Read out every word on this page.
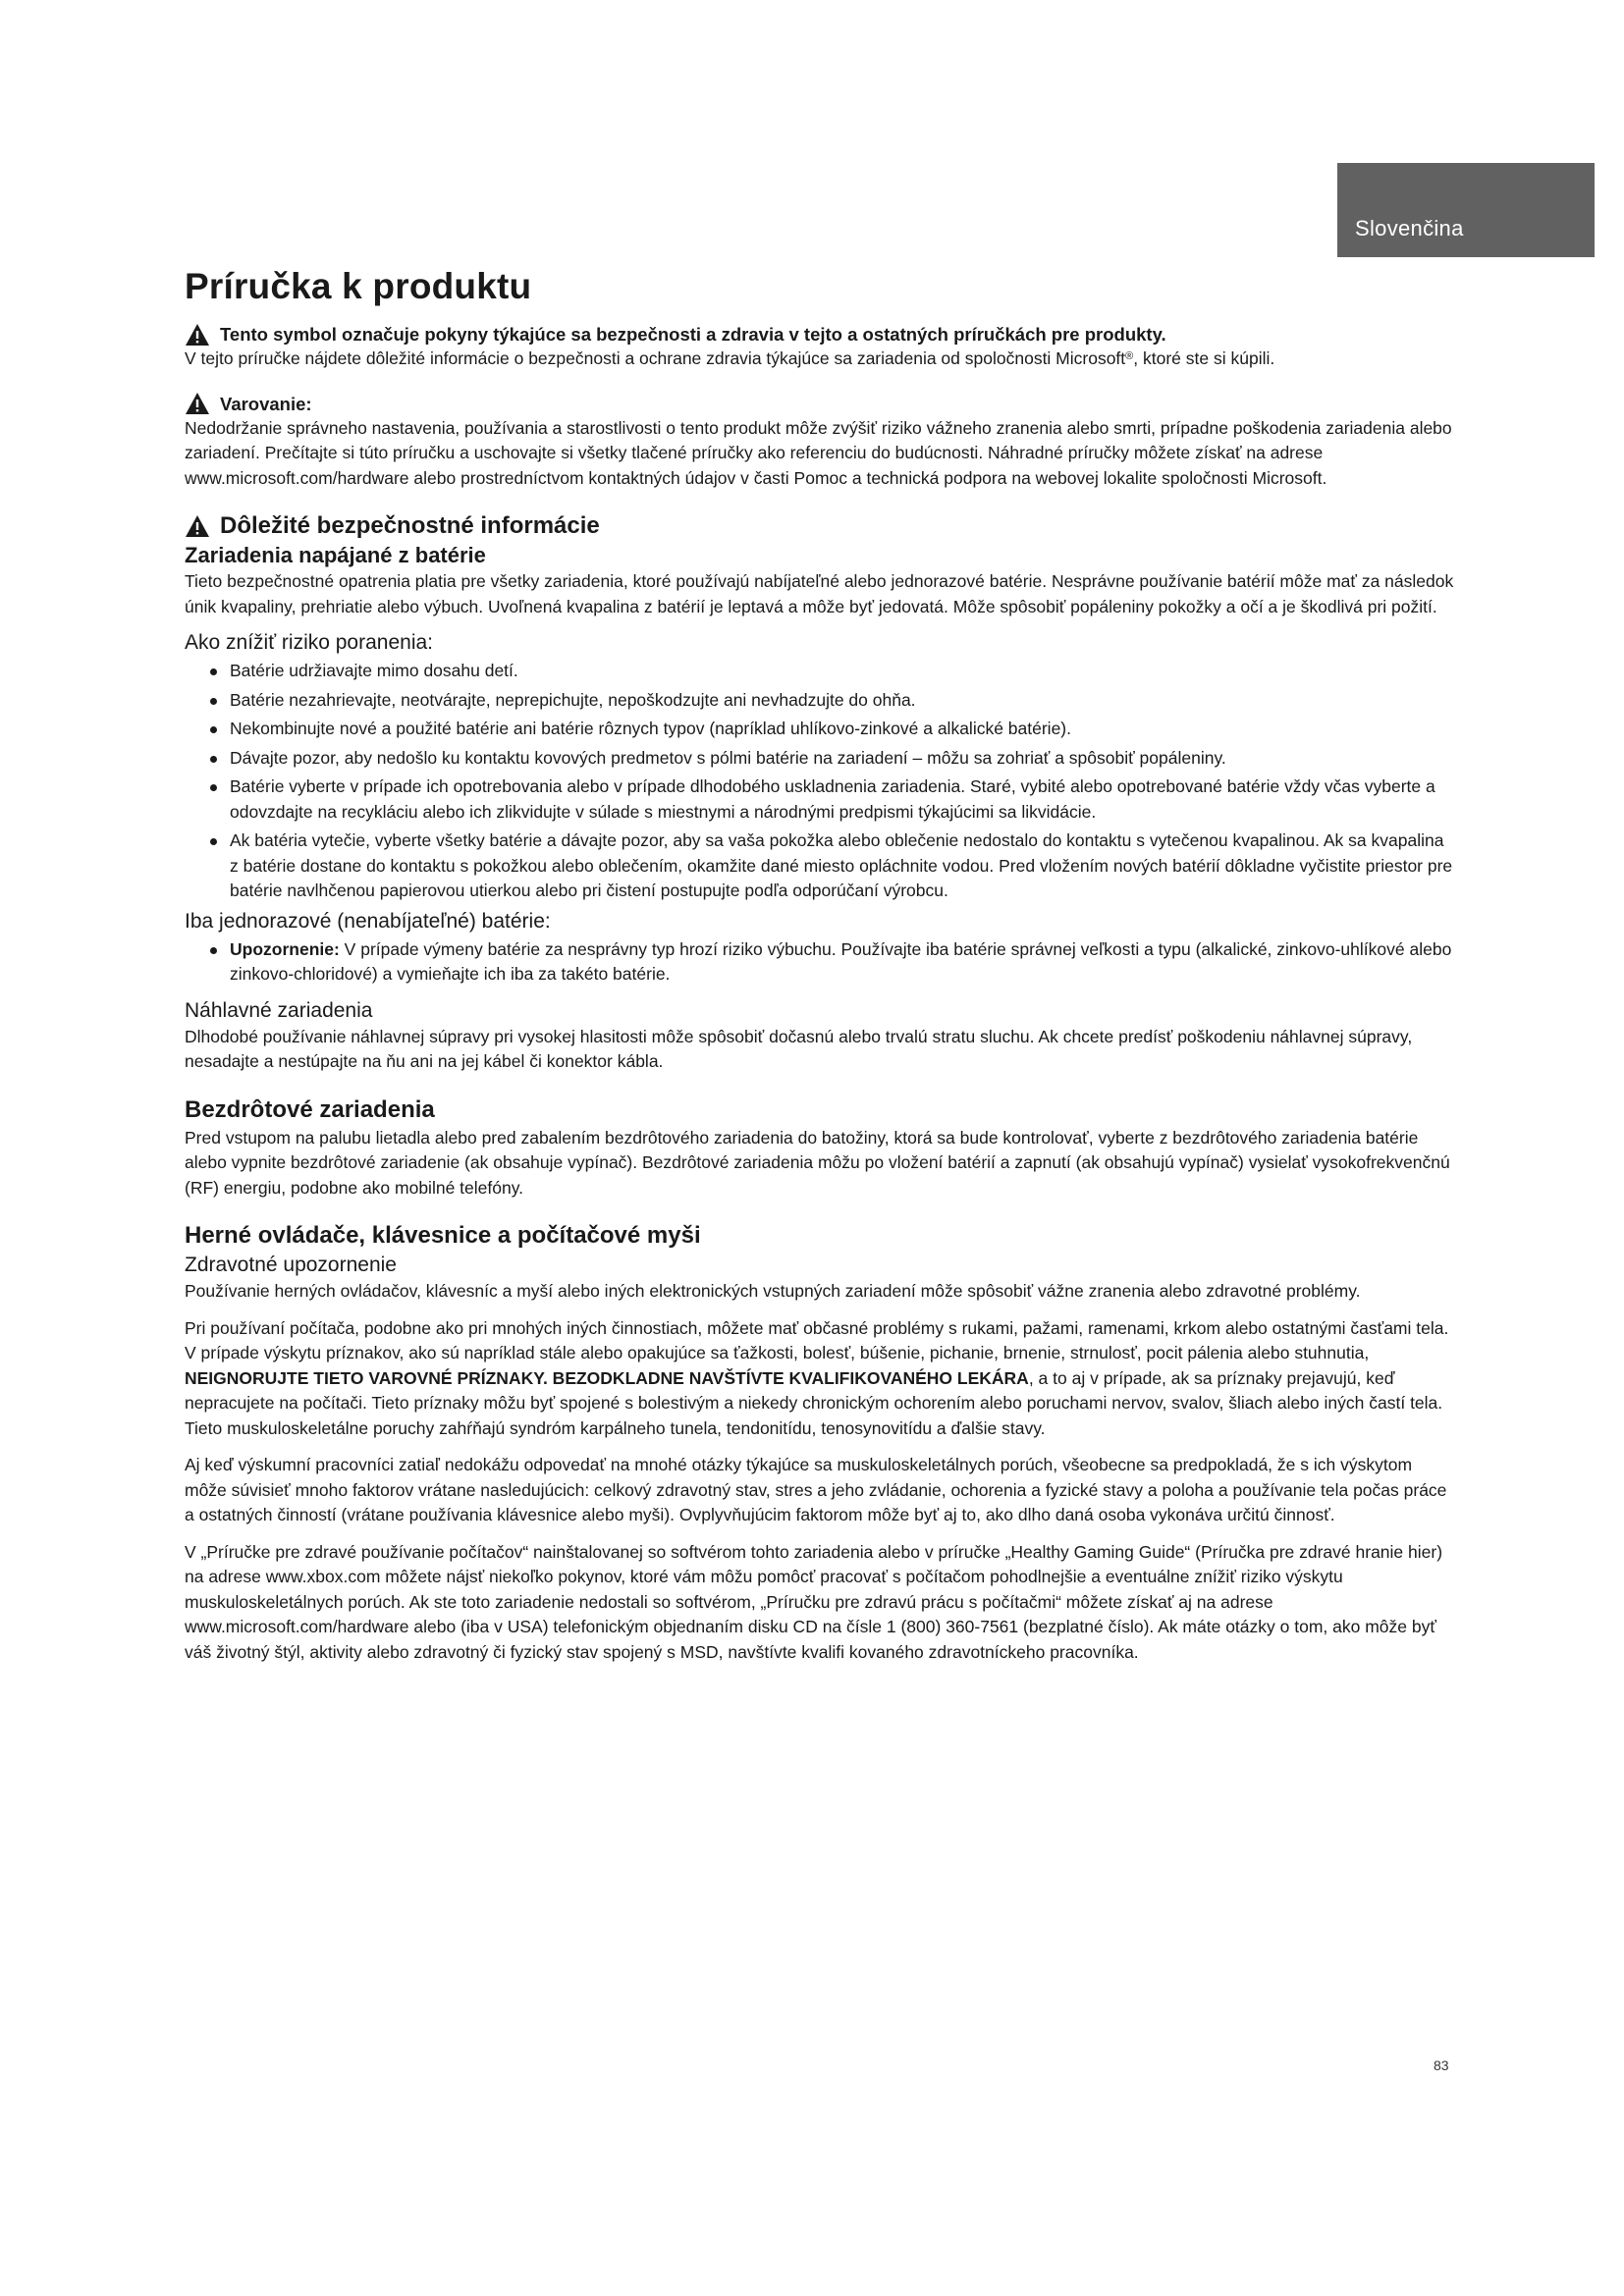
Slovenčina
Príručka k produktu
Tento symbol označuje pokyny týkajúce sa bezpečnosti a zdravia v tejto a ostatných príručkách pre produkty.

V tejto príručke nájdete dôležité informácie o bezpečnosti a ochrane zdravia týkajúce sa zariadenia od spoločnosti Microsoft®, ktoré ste si kúpili.

Varovanie:

Nedodržanie správneho nastavenia, používania a starostlivosti o tento produkt môže zvýšiť riziko vážneho zranenia alebo smrti, prípadne poškodenia zariadenia alebo zariadení. Prečítajte si túto príručku a uschovajte si všetky tlačené príručky ako referenciu do budúcnosti. Náhradné príručky môžete získať na adrese www.microsoft.com/hardware alebo prostredníctvom kontaktných údajov v časti Pomoc a technická podpora na webovej lokalite spoločnosti Microsoft.

Dôležité bezpečnostné informácie
Zariadenia napájané z batérie

Tieto bezpečnostné opatrenia platia pre všetky zariadenia, ktoré používajú nabíjateľné alebo jednorazové batérie. Nesprávne používanie batérií môže mať za následok únik kvapaliny, prehriatie alebo výbuch. Uvoľnená kvapalina z batérií je leptavá a môže byť jedovatá. Môže spôsobiť popáleniny pokožky a očí a je škodlivá pri požití.

Ako znížiť riziko poranenia:
Batérie udržiavajte mimo dosahu detí.
Batérie nezahrievajte, neotvárajte, neprepichujte, nepoškodzujte ani nevhadzujte do ohňa.
Nekombinujte nové a použité batérie ani batérie rôznych typov (napríklad uhlíkovo-zinkové a alkalické batérie).
Dávajte pozor, aby nedošlo ku kontaktu kovových predmetov s pólmi batérie na zariadení – môžu sa zohriať a spôsobiť popáleniny.
Batérie vyberte v prípade ich opotrebovania alebo v prípade dlhodobého uskladnenia zariadenia. Staré, vybité alebo opotrebované batérie vždy včas vyberte a odovzdajte na recykláciu alebo ich zlikvidujte v súlade s miestnymi a národnými predpismi týkajúcimi sa likvidácie.
Ak batéria vytečie, vyberte všetky batérie a dávajte pozor, aby sa vaša pokožka alebo oblečenie nedostalo do kontaktu s vytečenou kvapalinou. Ak sa kvapalina z batérie dostane do kontaktu s pokožkou alebo oblečením, okamžite dané miesto opláchnite vodou. Pred vložením nových batérií dôkladne vyčistite priestor pre batérie navlhčenou papierovou utierkou alebo pri čistení postupujte podľa odporúčaní výrobcu.
Iba jednorazové (nenabíjateľné) batérie:
Upozornenie: V prípade výmeny batérie za nesprávny typ hrozí riziko výbuchu. Používajte iba batérie správnej veľkosti a typu (alkalické, zinkovo-uhlíkové alebo zinkovo-chloridové) a vymieňajte ich iba za takéto batérie.
Náhlavné zariadenia

Dlhodobé používanie náhlavnej súpravy pri vysokej hlasitosti môže spôsobiť dočasnú alebo trvalú stratu sluchu. Ak chcete predísť poškodeniu náhlavnej súpravy, nesadajte a nestúpajte na ňu ani na jej kábel či konektor kábla.

Bezdrôtové zariadenia

Pred vstupom na palubu lietadla alebo pred zabalením bezdrôtového zariadenia do batožiny, ktorá sa bude kontrolovať, vyberte z bezdrôtového zariadenia batérie alebo vypnite bezdrôtové zariadenie (ak obsahuje vypínač). Bezdrôtové zariadenia môžu po vložení batérií a zapnutí (ak obsahujú vypínač) vysielať vysokofrekvenčnú (RF) energiu, podobne ako mobilné telefóny.

Herné ovládače, klávesnice a počítačové myši
Zdravotné upozornenie

Používanie herných ovládačov, klávesníc a myší alebo iných elektronických vstupných zariadení môže spôsobiť vážne zranenia alebo zdravotné problémy.

Pri používaní počítača, podobne ako pri mnohých iných činnostiach, môžete mať občasné problémy s rukami, pažami, ramenami, krkom alebo ostatnými časťami tela. V prípade výskytu príznakov, ako sú napríklad stále alebo opakujúce sa ťažkosti, bolesť, búšenie, pichanie, brnenie, strnulosť, pocit pálenia alebo stuhnutia, NEIGNORUJTE TIETO VAROVNÉ PRÍZNAKY. BEZODKLADNE NAVŠTÍVTE KVALIFIKOVANÉHO LEKÁRA, a to aj v prípade, ak sa príznaky prejavujú, keď nepracujete na počítači. Tieto príznaky môžu byť spojené s bolestivým a niekedy chronickým ochorením alebo poruchami nervov, svalov, šliach alebo iných častí tela. Tieto muskuloskeletálne poruchy zahŕňajú syndróm karpálneho tunela, tendonitídu, tenosynovitídu a ďalšie stavy.

Aj keď výskumní pracovníci zatiaľ nedokážu odpovedať na mnohé otázky týkajúce sa muskuloskeletálnych porúch, všeobecne sa predpokladá, že s ich výskytom môže súvisieť mnoho faktorov vrátane nasledujúcich: celkový zdravotný stav, stres a jeho zvládanie, ochorenia a fyzické stavy a poloha a používanie tela počas práce a ostatných činností (vrátane používania klávesnice alebo myši). Ovplyvňujúcim faktorom môže byť aj to, ako dlho daná osoba vykonáva určitú činnosť.

V „Príručke pre zdravé používanie počítačov“ nainštalovanej so softvérom tohto zariadenia alebo v príručke „Healthy Gaming Guide“ (Príručka pre zdravé hranie hier) na adrese www.xbox.com môžete nájsť niekoľko pokynov, ktoré vám môžu pomôcť pracovať s počítačom pohodlnejšie a eventuálne znížiť riziko výskytu muskuloskeletálnych porúch. Ak ste toto zariadenie nedostali so softvérom, „Príručku pre zdravú prácu s počítačmi“ môžete získať aj na adrese www.microsoft.com/hardware alebo (iba v USA) telefonickým objednaním disku CD na čísle 1 (800) 360-7561 (bezplatné číslo). Ak máte otázky o tom, ako môže byť váš životný štýl, aktivity alebo zdravotný či fyzický stav spojený s MSD, navštívte kvalifi kovaného zdravotníckeho pracovníka.

83
